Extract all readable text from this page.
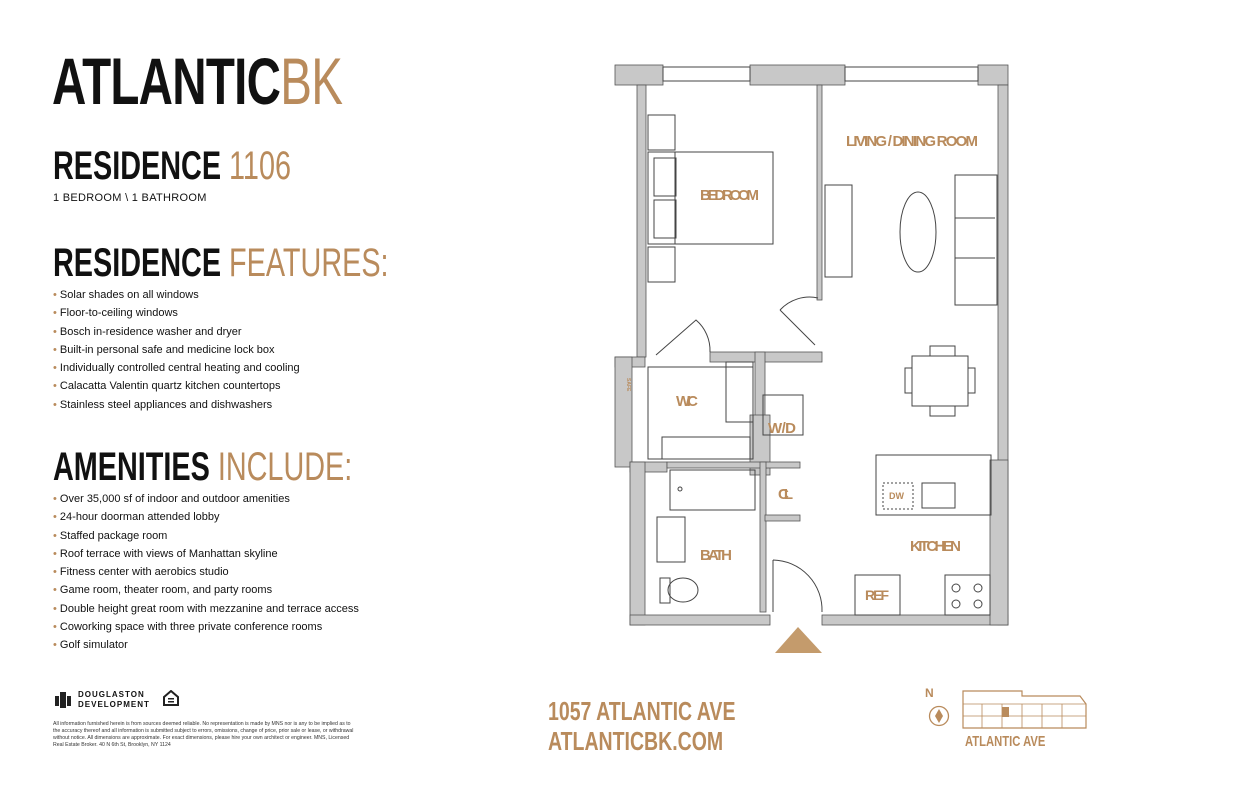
ATLANTICBK
RESIDENCE 1106
1 BEDROOM \ 1 BATHROOM
RESIDENCE FEATURES:
• Solar shades on all windows
• Floor-to-ceiling windows
• Bosch in-residence washer and dryer
• Built-in personal safe and medicine lock box
• Individually controlled central heating and cooling
• Calacatta Valentin quartz kitchen countertops
• Stainless steel appliances and dishwashers
AMENITIES INCLUDE:
• Over 35,000 sf of indoor and outdoor amenities
• 24-hour doorman attended lobby
• Staffed package room
• Roof terrace with views of Manhattan skyline
• Fitness center with aerobics studio
• Game room, theater room, and party rooms
• Double height great room with mezzanine and terrace access
• Coworking space with three private conference rooms
• Golf simulator
DOUGLASTON
DEVELOPMENT
All information furnished herein is from sources deemed reliable. No representation is made by MNS nor is any to be implied as to the accuracy thereof and all information is submitted subject to errors, omissions, change of price, prior sale or lease, or withdrawal without notice. All dimensions are approximate. For exact dimensions, please hire your own architect or engineer. MNS, Licensed Real Estate Broker. 40 N 6th St, Brooklyn, NY 1124
1057 ATLANTIC AVE
ATLANTICBK.COM
N
ATLANTIC AVE
LIVING / DINING ROOM
BEDROOM
WIC
W/D
CL
BATH
KITCHEN
REF
DW
SAFE
